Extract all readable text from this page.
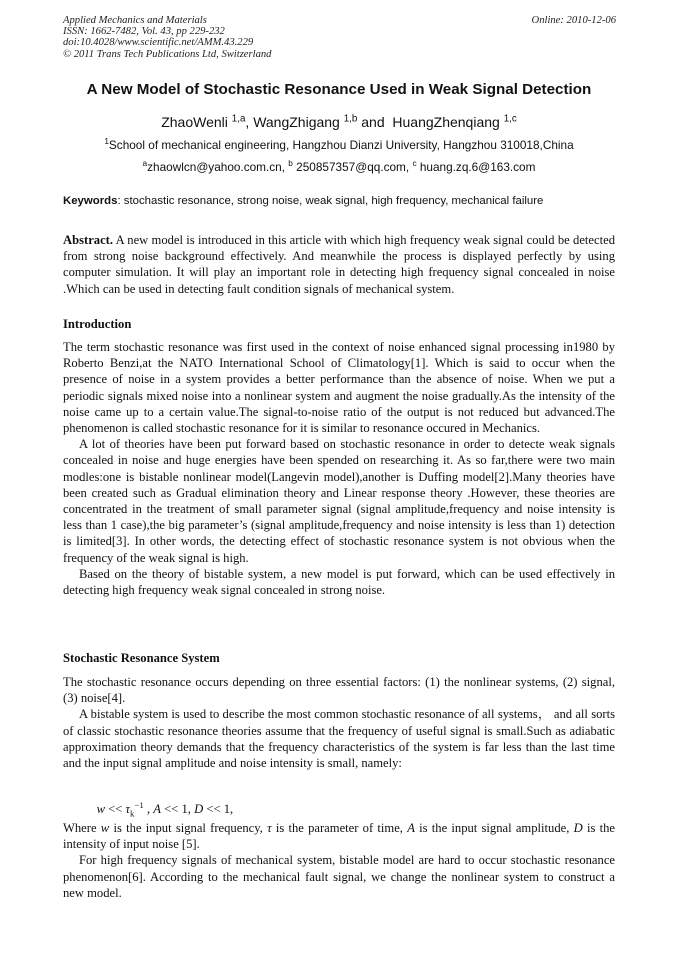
Applied Mechanics and Materials
ISSN: 1662-7482, Vol. 43, pp 229-232
doi:10.4028/www.scientific.net/AMM.43.229
© 2011 Trans Tech Publications Ltd, Switzerland
Online: 2010-12-06
A New Model of Stochastic Resonance Used in Weak Signal Detection
ZhaoWenli $^{1,a}$, WangZhigang $^{1,b}$ and  HuangZhenqiang $^{1,c}$
$^1$School of mechanical engineering, Hangzhou Dianzi University, Hangzhou 310018,China
$^a$zhaowlcn@yahoo.com.cn, $^b$ 250857357@qq.com, $^c$ huang.zq.6@163.com
Keywords: stochastic resonance, strong noise, weak signal, high frequency, mechanical failure

Abstract. A new model is introduced in this article with which high frequency weak signal could be detected from strong noise background effectively. And meanwhile the process is displayed perfectly by using computer simulation. It will play an important role in detecting high frequency signal concealed in noise .Which can be used in detecting fault condition signals of mechanical system.

Introduction

The term stochastic resonance was first used in the context of noise enhanced signal processing in1980 by Roberto Benzi,at the NATO International School of Climatology[1]. Which is said to occur when the presence of noise in a system provides a better performance than the absence of noise. When we put a periodic signals mixed noise into a nonlinear system and augment the noise gradually.As the intensity of the noise came up to a certain value.The signal-to-noise ratio of the output is not reduced but advanced.The phenomenon is called stochastic resonance for it is similar to resonance occured in Mechanics.

A lot of theories have been put forward based on stochastic resonance in order to detecte weak signals concealed in noise and huge energies have been spended on researching it. As so far,there were two main modles:one is bistable nonlinear model(Langevin model),another is Duffing model[2].Many theories have been created such as Gradual elimination theory and Linear response theory .However, these theories are concentrated in the treatment of small parameter signal (signal amplitude,frequency and noise intensity is less than 1 case),the big parameter’s (signal amplitude,frequency and noise intensity is less than 1) detection is limited[3]. In other words, the detecting effect of stochastic resonance system is not obvious when the frequency of the weak signal is high.

Based on the theory of bistable system, a new model is put forward, which can be used effectively in detecting high frequency weak signal concealed in strong noise.

Stochastic Resonance System

The stochastic resonance occurs depending on three essential factors: (1) the nonlinear systems, (2) signal, (3) noise[4].

A bistable system is used to describe the most common stochastic resonance of all systems， and all sorts of classic stochastic resonance theories assume that the frequency of useful signal is small.Such as adiabatic approximation theory demands that the frequency characteristics of the system is far less than the last time and the input signal amplitude and noise intensity is small, namely:

$w << \tau_k^{-1}$ , A << 1, D << 1,

Where w is the input signal frequency, τ is the parameter of time, A is the input signal amplitude, D is the intensity of input noise [5].

For high frequency signals of mechanical system, bistable model are hard to occur stochastic resonance phenomenon[6]. According to the mechanical fault signal, we change the nonlinear system to construct a new model.
